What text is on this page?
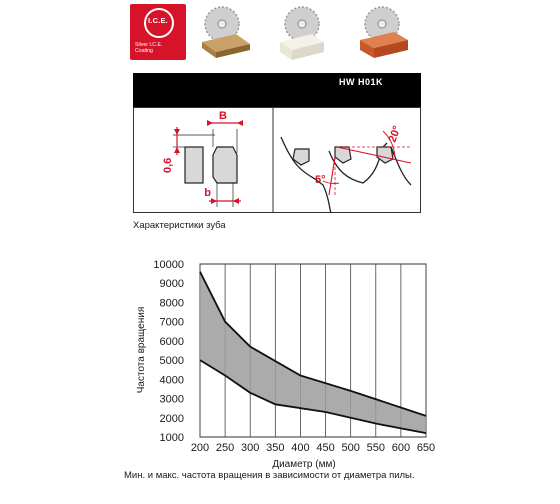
I.C.E.
Silver I.C.E.
Coating
HW H01K
B
b
0,6
20°
5°
Характеристики зуба
10000
9000
8000
7000
6000
5000
4000
3000
2000
1000
200 250 300 350 400 450 500 550 600 650
Частота вращения
Диаметр (мм)
Мин. и макс. частота вращения в зависимости от диаметра пилы.
